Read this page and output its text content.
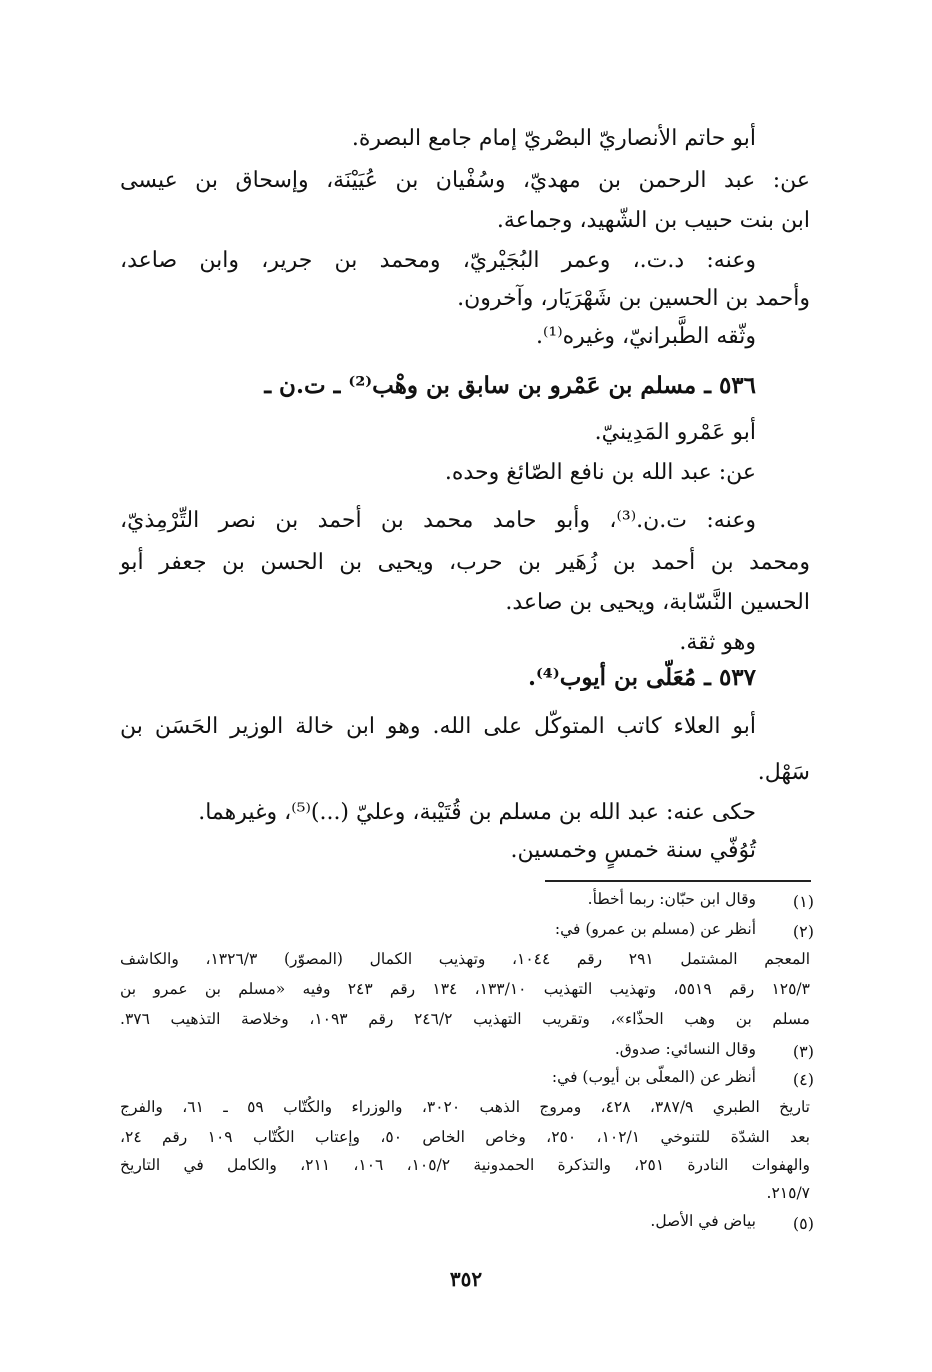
أبو حاتم الأنصاريّ البصْريّ إمام جامع البصرة.
عن: عبد الرحمن بن مهديّ، وسُفْيان بن عُيَيْنَة، وإسحاق بن عيسى
ابن بنت حبيب بن الشّهيد، وجماعة.
وعنه: د.ت.، وعمر البُجَيْريّ، ومحمد بن جرير، وابن صاعد،
وأحمد بن الحسين بن شَهْرَيَار، وآخرون.
وثّقه الطَّبرانيّ، وغيره⁽¹⁾.
٥٣٦ ـ مسلم بن عَمْرو بن سابق بن وهْب⁽²⁾ ـ ت.ن ـ
أبو عَمْرو المَدِينيّ.
عن: عبد الله بن نافع الصّائغ وحده.
وعنه: ت.ن.⁽³⁾، وأبو حامد محمد بن أحمد بن نصر التِّرْمِذيّ،
ومحمد بن أحمد بن زُهَير بن حرب، ويحيى بن الحسن بن جعفر أبو
الحسين النَّسّابة، ويحيى بن صاعد.
وهو ثقة.
٥٣٧ ـ مُعَلّى بن أيوب⁽⁴⁾.
أبو العلاء كاتب المتوكّل على الله. وهو ابن خالة الوزير الحَسَن بن
سَهْل.
حكى عنه: عبد الله بن مسلم بن قُتَيْبة، وعليّ (...)⁽⁵⁾، وغيرهما.
تُوُفّي سنة خمسٍ وخمسين.
(١)
وقال ابن حبّان: ربما أخطأ.
(٢)
أنظر عن (مسلم بن عمرو) في:
المعجم المشتمل ٢٩١ رقم ١٠٤٤، وتهذيب الكمال (المصوّر) ١٣٢٦/٣، والكاشف
١٢٥/٣ رقم ٥٥١٩، وتهذيب التهذيب ١٣٣/١٠، ١٣٤ رقم ٢٤٣ وفيه «مسلم بن عمرو بن
مسلم بن وهب الحذّاء»، وتقريب التهذيب ٢٤٦/٢ رقم ١٠٩٣، وخلاصة التذهيب ٣٧٦.
(٣)
وقال النسائي: صدوق.
(٤)
أنظر عن (المعلّى بن أيوب) في:
تاريخ الطبري ٣٨٧/٩، ٤٢٨، ومروج الذهب ٣٠٢٠، والوزراء والكُتّاب ٥٩ ـ ٦١، والفرج
بعد الشدّة للتنوخي ١٠٢/١، ٢٥٠، وخاص الخاص ٥٠، وإعتاب الكُتّاب ١٠٩ رقم ٢٤،
والهفوات النادرة ٢٥١، والتذكرة الحمدونية ١٠٥/٢، ١٠٦، ٢١١، والكامل في التاريخ
٢١٥/٧.
(٥)
بياض في الأصل.
٣٥٢
